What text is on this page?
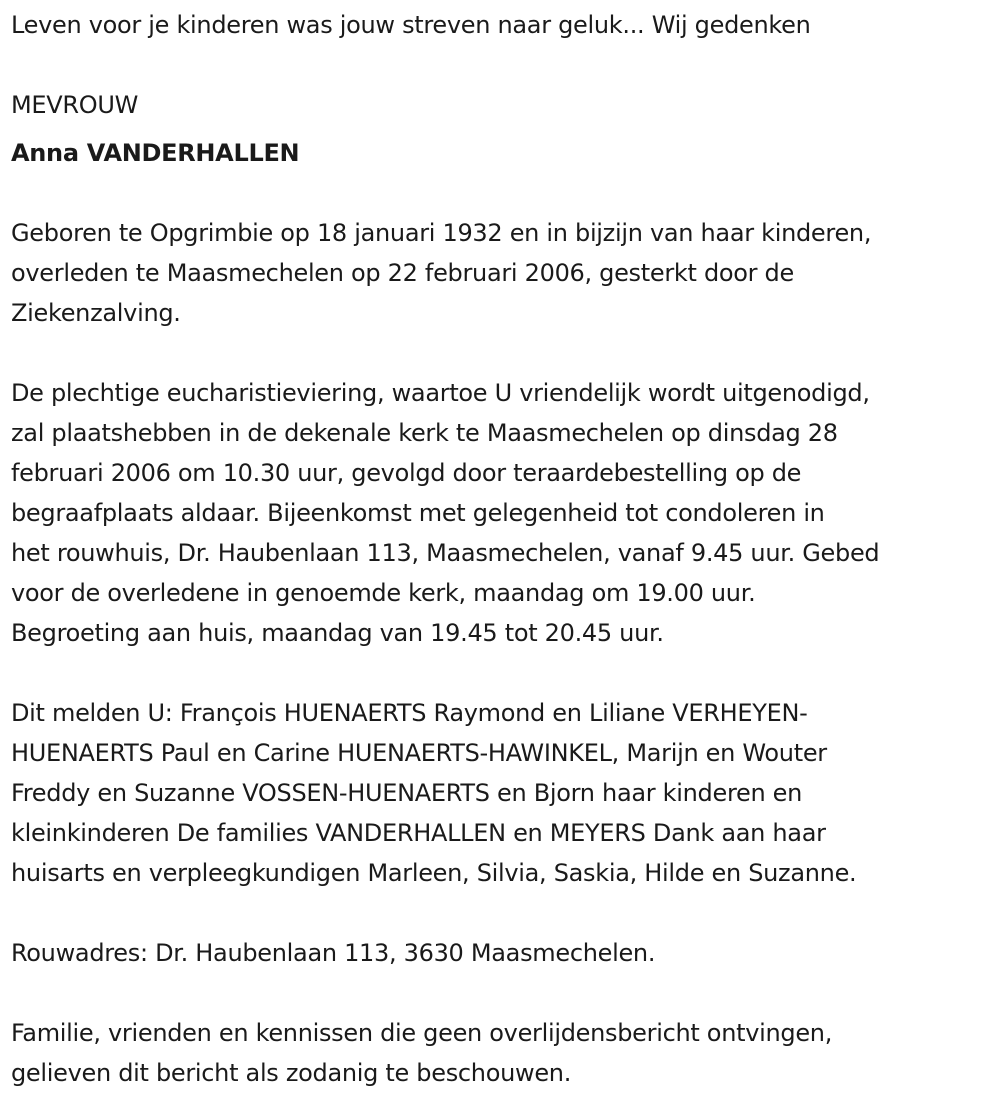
Leven voor je kinderen was jouw streven naar geluk... Wij gedenken

MEVROUW

Anna VANDERHALLEN

Geboren te Opgrimbie op 18 januari 1932 en in bijzijn van haar kinderen,
overleden te Maasmechelen op 22 februari 2006, gesterkt door de
Ziekenzalving.

De plechtige eucharistieviering, waartoe U vriendelijk wordt uitgenodigd,
zal plaatshebben in de dekenale kerk te Maasmechelen op dinsdag 28
februari 2006 om 10.30 uur, gevolgd door teraardebestelling op de
begraafplaats aldaar. Bijeenkomst met gelegenheid tot condoleren in
het rouwhuis, Dr. Haubenlaan 113, Maasmechelen, vanaf 9.45 uur. Gebed
voor de overledene in genoemde kerk, maandag om 19.00 uur.
Begroeting aan huis, maandag van 19.45 tot 20.45 uur.

Dit melden U: François HUENAERTS Raymond en Liliane VERHEYEN-
HUENAERTS Paul en Carine HUENAERTS-HAWINKEL, Marijn en Wouter
Freddy en Suzanne VOSSEN-HUENAERTS en Bjorn haar kinderen en
kleinkinderen De families VANDERHALLEN en MEYERS Dank aan haar
huisarts en verpleegkundigen Marleen, Silvia, Saskia, Hilde en Suzanne.

Rouwadres: Dr. Haubenlaan 113, 3630 Maasmechelen.

Familie, vrienden en kennissen die geen overlijdensbericht ontvingen,
gelieven dit bericht als zodanig te beschouwen.
